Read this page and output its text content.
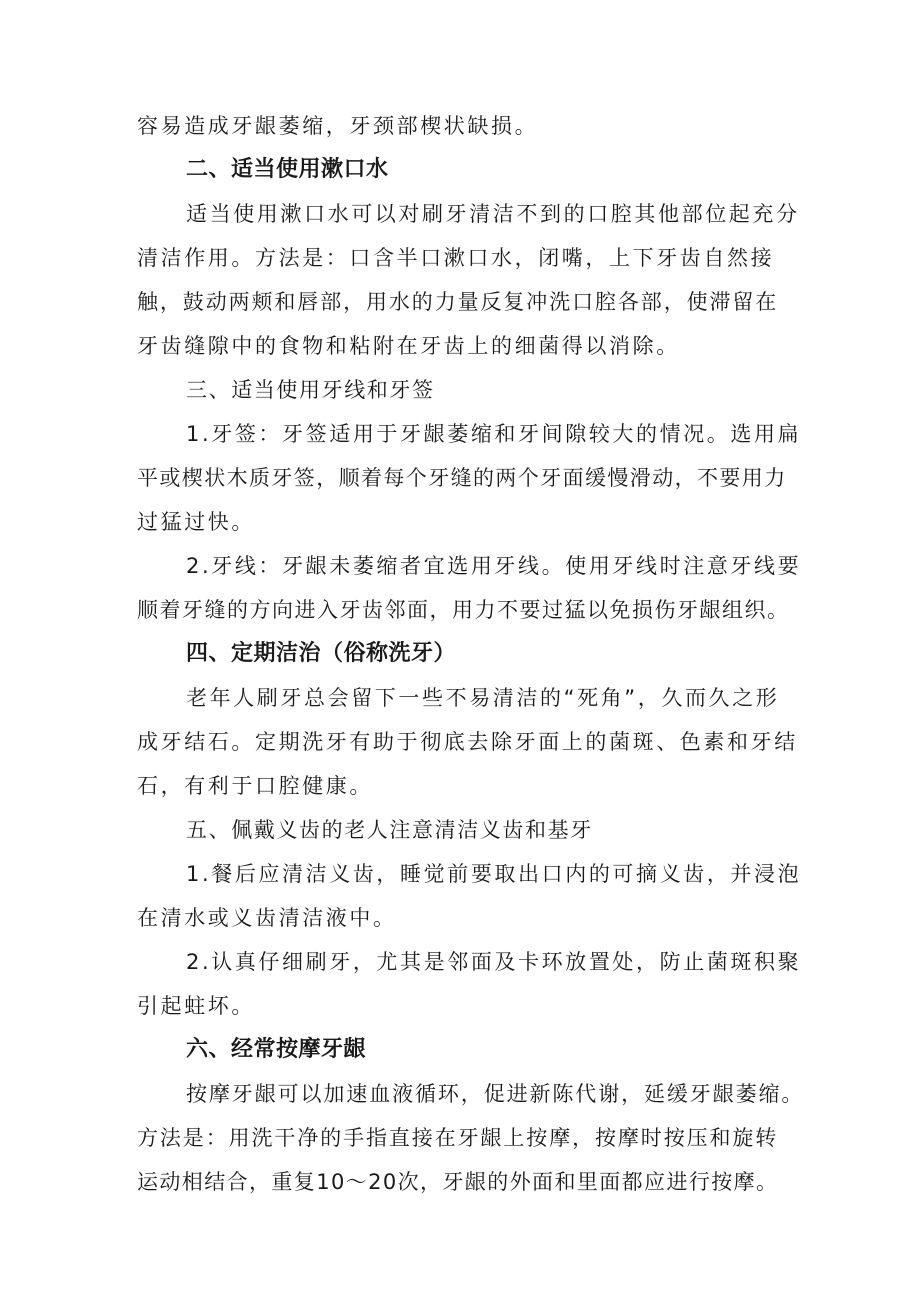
容易造成牙龈萎缩，牙颈部楔状缺损。
二、适当使用漱口水
适当使用漱口水可以对刷牙清洁不到的口腔其他部位起充分
清洁作用。方法是：口含半口漱口水，闭嘴，上下牙齿自然接
触，鼓动两颊和唇部，用水的力量反复冲洗口腔各部，使滞留在
牙齿缝隙中的食物和粘附在牙齿上的细菌得以消除。
三、适当使用牙线和牙签
1.牙签：牙签适用于牙龈萎缩和牙间隙较大的情况。选用扁
平或楔状木质牙签，顺着每个牙缝的两个牙面缓慢滑动，不要用力
过猛过快。
2.牙线：牙龈未萎缩者宜选用牙线。使用牙线时注意牙线要
顺着牙缝的方向进入牙齿邻面，用力不要过猛以免损伤牙龈组织。
四、定期洁治（俗称洗牙）
老年人刷牙总会留下一些不易清洁的“死角”，久而久之形
成牙结石。定期洗牙有助于彻底去除牙面上的菌斑、色素和牙结
石，有利于口腔健康。
五、佩戴义齿的老人注意清洁义齿和基牙
1.餐后应清洁义齿，睡觉前要取出口内的可摘义齿，并浸泡
在清水或义齿清洁液中。
2.认真仔细刷牙，尤其是邻面及卡环放置处，防止菌斑积聚
引起蛀坏。
六、经常按摩牙龈
按摩牙龈可以加速血液循环，促进新陈代谢，延缓牙龈萎缩。
方法是：用洗干净的手指直接在牙龈上按摩，按摩时按压和旋转
运动相结合，重复10～20次，牙龈的外面和里面都应进行按摩。
